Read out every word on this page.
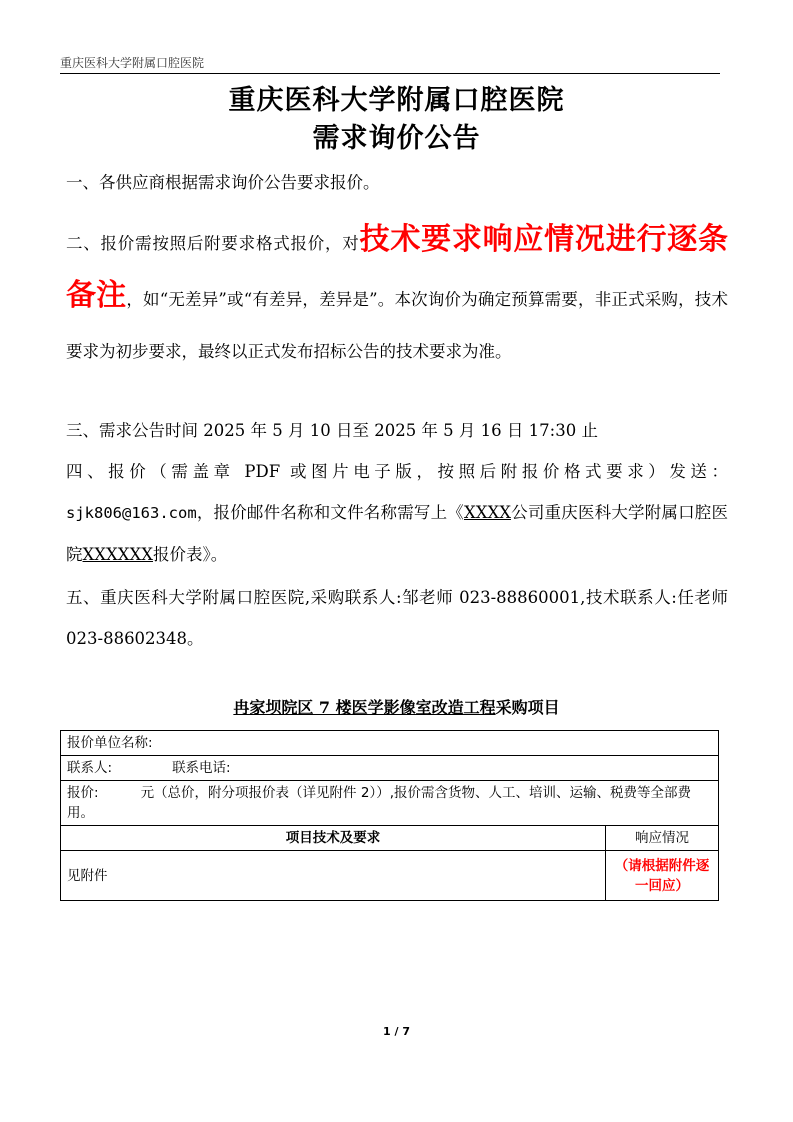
重庆医科大学附属口腔医院
重庆医科大学附属口腔医院
需求询价公告
一、各供应商根据需求询价公告要求报价。
二、报价需按照后附要求格式报价，对技术要求响应情况进行逐条备注，如“无差异”或“有差异，差异是”。本次询价为确定预算需要，非正式采购，技术要求为初步要求，最终以正式发布招标公告的技术要求为准。
三、需求公告时间 2025 年 5 月 10 日至 2025 年 5 月 16 日 17:30 止
四、报价（需盖章 PDF 或图片电子版，按照后附报价格式要求）发送：sjk806@163.com，报价邮件名称和文件名称需写上《XXXX公司重庆医科大学附属口腔医院XXXXXX报价表》。
五、重庆医科大学附属口腔医院,采购联系人:邹老师 023-88860001,技术联系人:任老师 023-88602348。
冉家坝院区 7 楼医学影像室改造工程采购项目
报价单位名称:	
联系人: 联系电话:	
报价: 元（总价，附分项报价表（详见附件 2））,报价需含货物、人工、培训、运输、税费等全部费用。	
项目技术及要求	响应情况
见附件	（请根据附件逐一回应）
1 / 7
